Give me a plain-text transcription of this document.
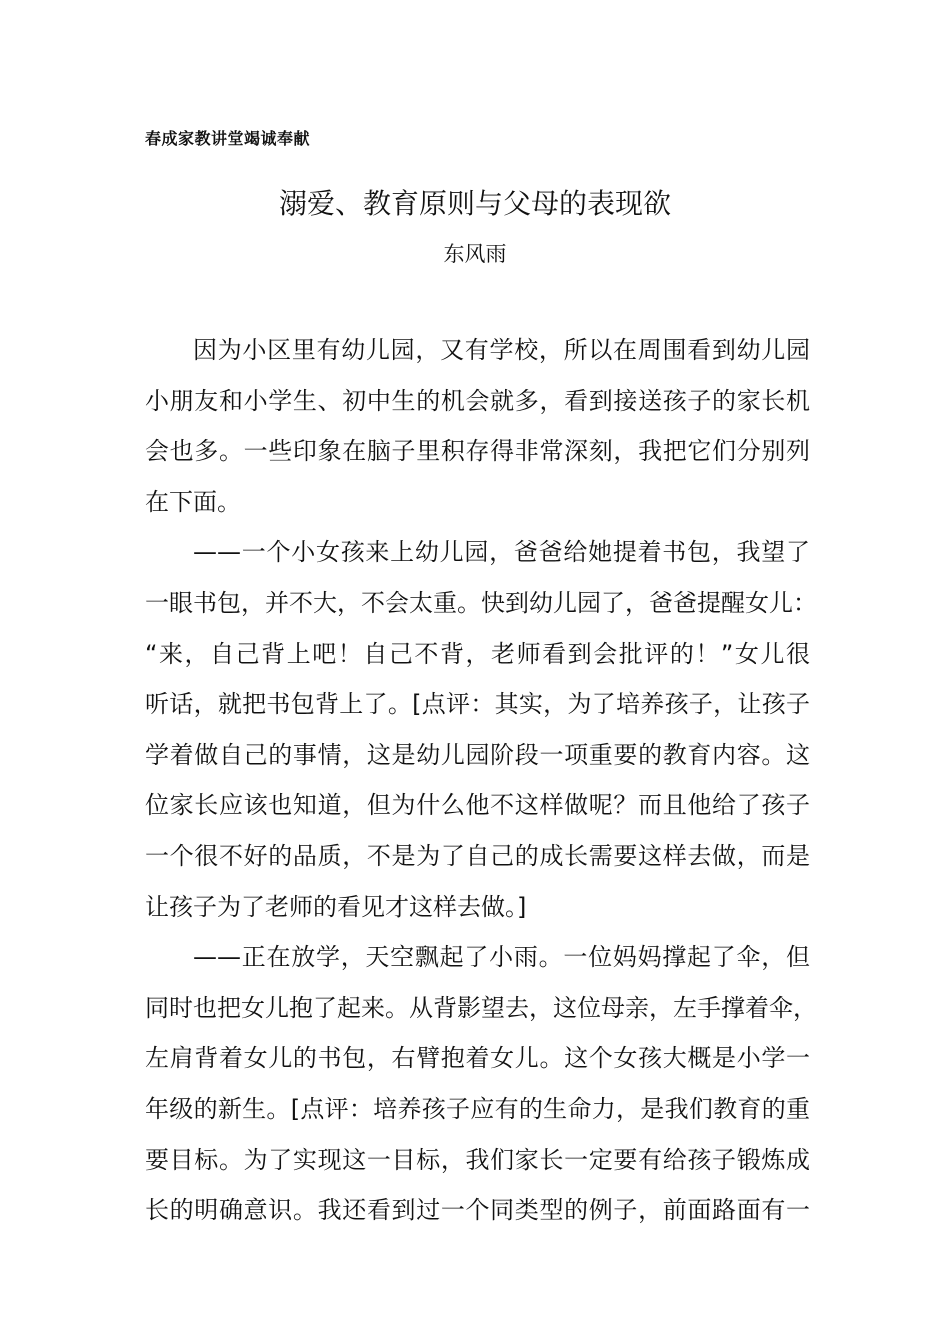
春成家教讲堂竭诚奉献
溺爱、教育原则与父母的表现欲
东风雨
因为小区里有幼儿园，又有学校，所以在周围看到幼儿园
小朋友和小学生、初中生的机会就多，看到接送孩子的家长机
会也多。一些印象在脑子里积存得非常深刻，我把它们分别列
在下面。
——一个小女孩来上幼儿园，爸爸给她提着书包，我望了
一眼书包，并不大，不会太重。快到幼儿园了，爸爸提醒女儿：
“来，自己背上吧！自己不背，老师看到会批评的！”女儿很
听话，就把书包背上了。[点评：其实，为了培养孩子，让孩子
学着做自己的事情，这是幼儿园阶段一项重要的教育内容。这
位家长应该也知道，但为什么他不这样做呢？而且他给了孩子
一个很不好的品质，不是为了自己的成长需要这样去做，而是
让孩子为了老师的看见才这样去做。]
——正在放学，天空飘起了小雨。一位妈妈撑起了伞，但
同时也把女儿抱了起来。从背影望去，这位母亲，左手撑着伞，
左肩背着女儿的书包，右臂抱着女儿。这个女孩大概是小学一
年级的新生。[点评：培养孩子应有的生命力，是我们教育的重
要目标。为了实现这一目标，我们家长一定要有给孩子锻炼成
长的明确意识。我还看到过一个同类型的例子，前面路面有一
